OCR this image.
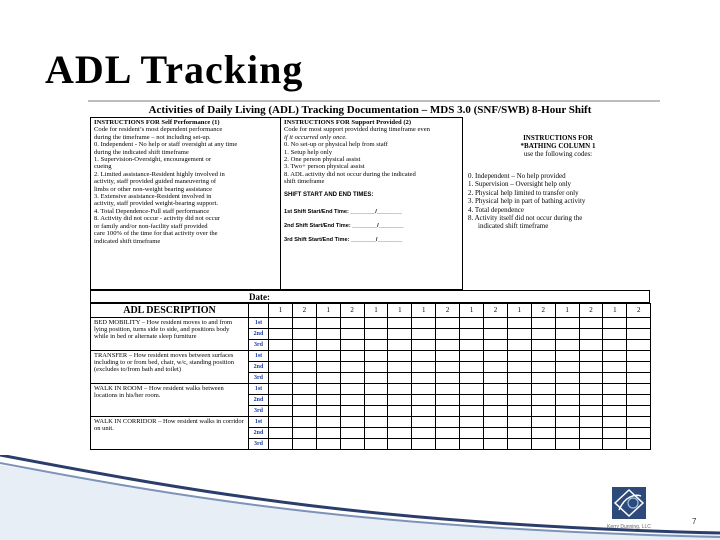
ADL Tracking
Activities of Daily Living (ADL) Tracking Documentation – MDS 3.0 (SNF/SWB) 8-Hour Shift
INSTRUCTIONS FOR Self Performance (1)
Code for resident’s most dependent performance
during the timeframe – not including set-up.
0. Independent - No help or staff oversight at any time
during the indicated shift timeframe
1. Supervision-Oversight, encouragement or
cueing
2. Limited assistance-Resident highly involved in
activity, staff provided guided maneuvering of
limbs or other non-weight bearing assistance
3. Extensive assistance-Resident involved in
activity, staff provided weight-bearing support.
4. Total Dependence-Full staff performance
8. Activity did not occur - activity did not occur
or family and/or non-facility staff provided
care 100% of the time for that activity over the
indicated shift timeframe
INSTRUCTIONS FOR Support Provided (2)
Code for most support provided during timeframe even
if it occurred only once.
0. No set-up or physical help from staff
1. Setup help only
2. One person physical assist
3. Two+ person physical assist
8. ADL activity did not occur during the indicated
shift timeframe
SHIFT START AND END TIMES:
1st Shift Start/End Time: ________/________
2nd Shift Start/End Time: ________/________
3rd Shift Start/End Time: ________/________
INSTRUCTIONS FOR
*BATHING COLUMN 1
use the following codes:
0. Independent – No help provided
1. Supervision – Oversight help only
2. Physical help limited to transfer only
3. Physical help in part of bathing activity
4. Total dependence
8. Activity itself did not occur during the
indicated shift timeframe
Date:
ADL DESCRIPTION		1	2	1	2	1	1	1	2	1	2	1	2	1	2	1	2
BED MOBILITY – How resident moves to and from lying position, turns side to side, and positions body while in bed or alternate sleep furniture	1st																
	2nd																
	3rd																
TRANSFER – How resident moves between surfaces including to or from bed, chair, w/c, standing position (excludes to/from bath and toilet)	1st																
	2nd																
	3rd																
WALK IN ROOM – How resident walks between locations in his/her room.	1st																
	2nd																
	3rd																
WALK IN CORRIDOR – How resident walks in corridor on unit.	1st																
	2nd																
	3rd																
Kerry Dunning, LLC
7
